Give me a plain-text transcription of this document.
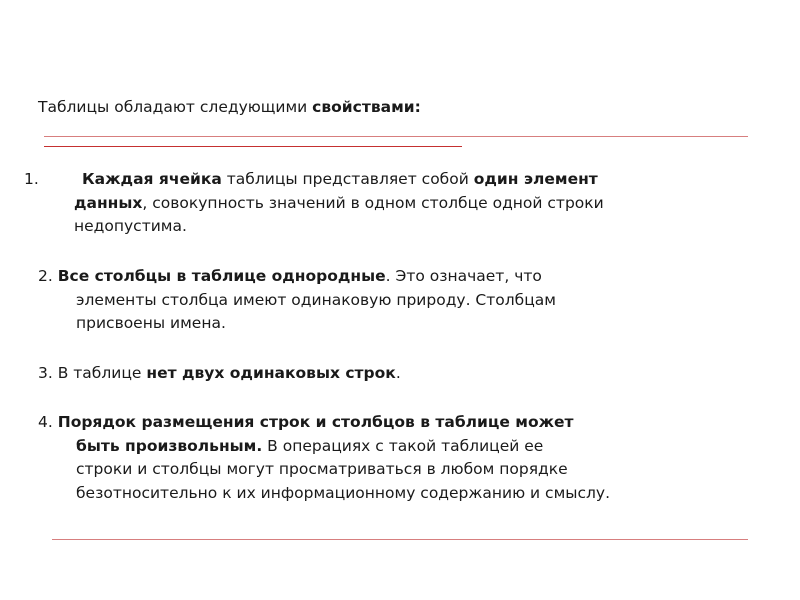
Таблицы обладают следующими свойствами:
1.	Каждая ячейка таблицы представляет собой один элемент
данных, совокупность значений в одном столбце одной строки
недопустима.
2. Все столбцы в таблице однородные. Это означает, что
элементы столбца имеют одинаковую природу. Столбцам
присвоены имена.
3. В таблице нет двух одинаковых строк.
4. Порядок размещения строк и столбцов в таблице может
быть произвольным. В операциях с такой таблицей ее
строки и столбцы могут просматриваться в любом порядке
безотносительно к их информационному содержанию и смыслу.
